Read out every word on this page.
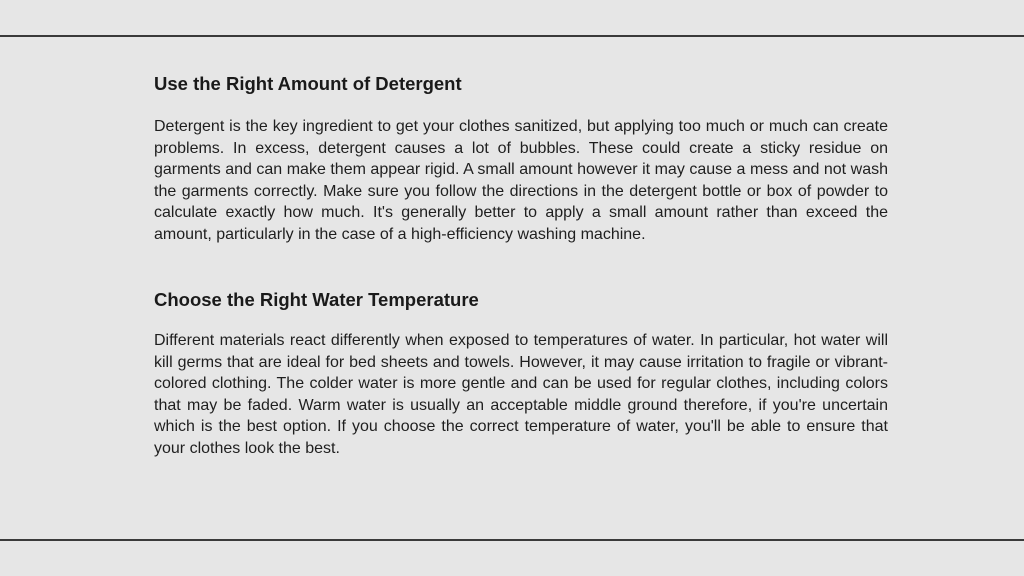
Use the Right Amount of Detergent

Detergent is the key ingredient to get your clothes sanitized, but applying too much or much can create problems. In excess, detergent causes a lot of bubbles. These could create a sticky residue on garments and can make them appear rigid. A small amount however it may cause a mess and not wash the garments correctly. Make sure you follow the directions in the detergent bottle or box of powder to calculate exactly how much. It's generally better to apply a small amount rather than exceed the amount, particularly in the case of a high-efficiency washing machine.

Choose the Right Water Temperature

Different materials react differently when exposed to temperatures of water. In particular, hot water will kill germs that are ideal for bed sheets and towels. However, it may cause irritation to fragile or vibrant-colored clothing. The colder water is more gentle and can be used for regular clothes, including colors that may be faded. Warm water is usually an acceptable middle ground therefore, if you're uncertain which is the best option. If you choose the correct temperature of water, you'll be able to ensure that your clothes look the best.
